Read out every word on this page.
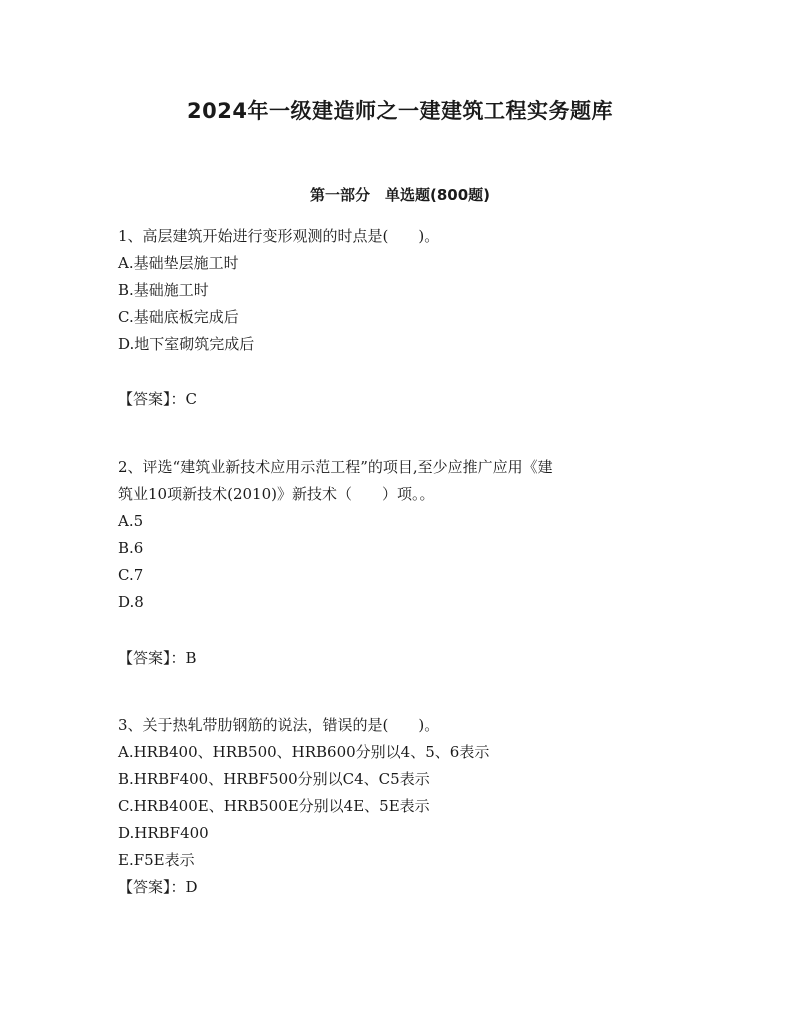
2024年一级建造师之一建建筑工程实务题库
第一部分　单选题(800题)
1、高层建筑开始进行变形观测的时点是(　　)。
A.基础垫层施工时
B.基础施工时
C.基础底板完成后
D.地下室砌筑完成后
【答案】：C
2、评选“建筑业新技术应用示范工程”的项目,至少应推广应用《建
筑业10项新技术(2010)》新技术（　　）项。。
A.5
B.6
C.7
D.8
【答案】：B
3、关于热轧带肋钢筋的说法，错误的是(　　)。
A.HRB400、HRB500、HRB600分别以4、5、6表示
B.HRBF400、HRBF500分别以C4、C5表示
C.HRB400E、HRB500E分别以4E、5E表示
D.HRBF400
E.F5E表示
【答案】：D
